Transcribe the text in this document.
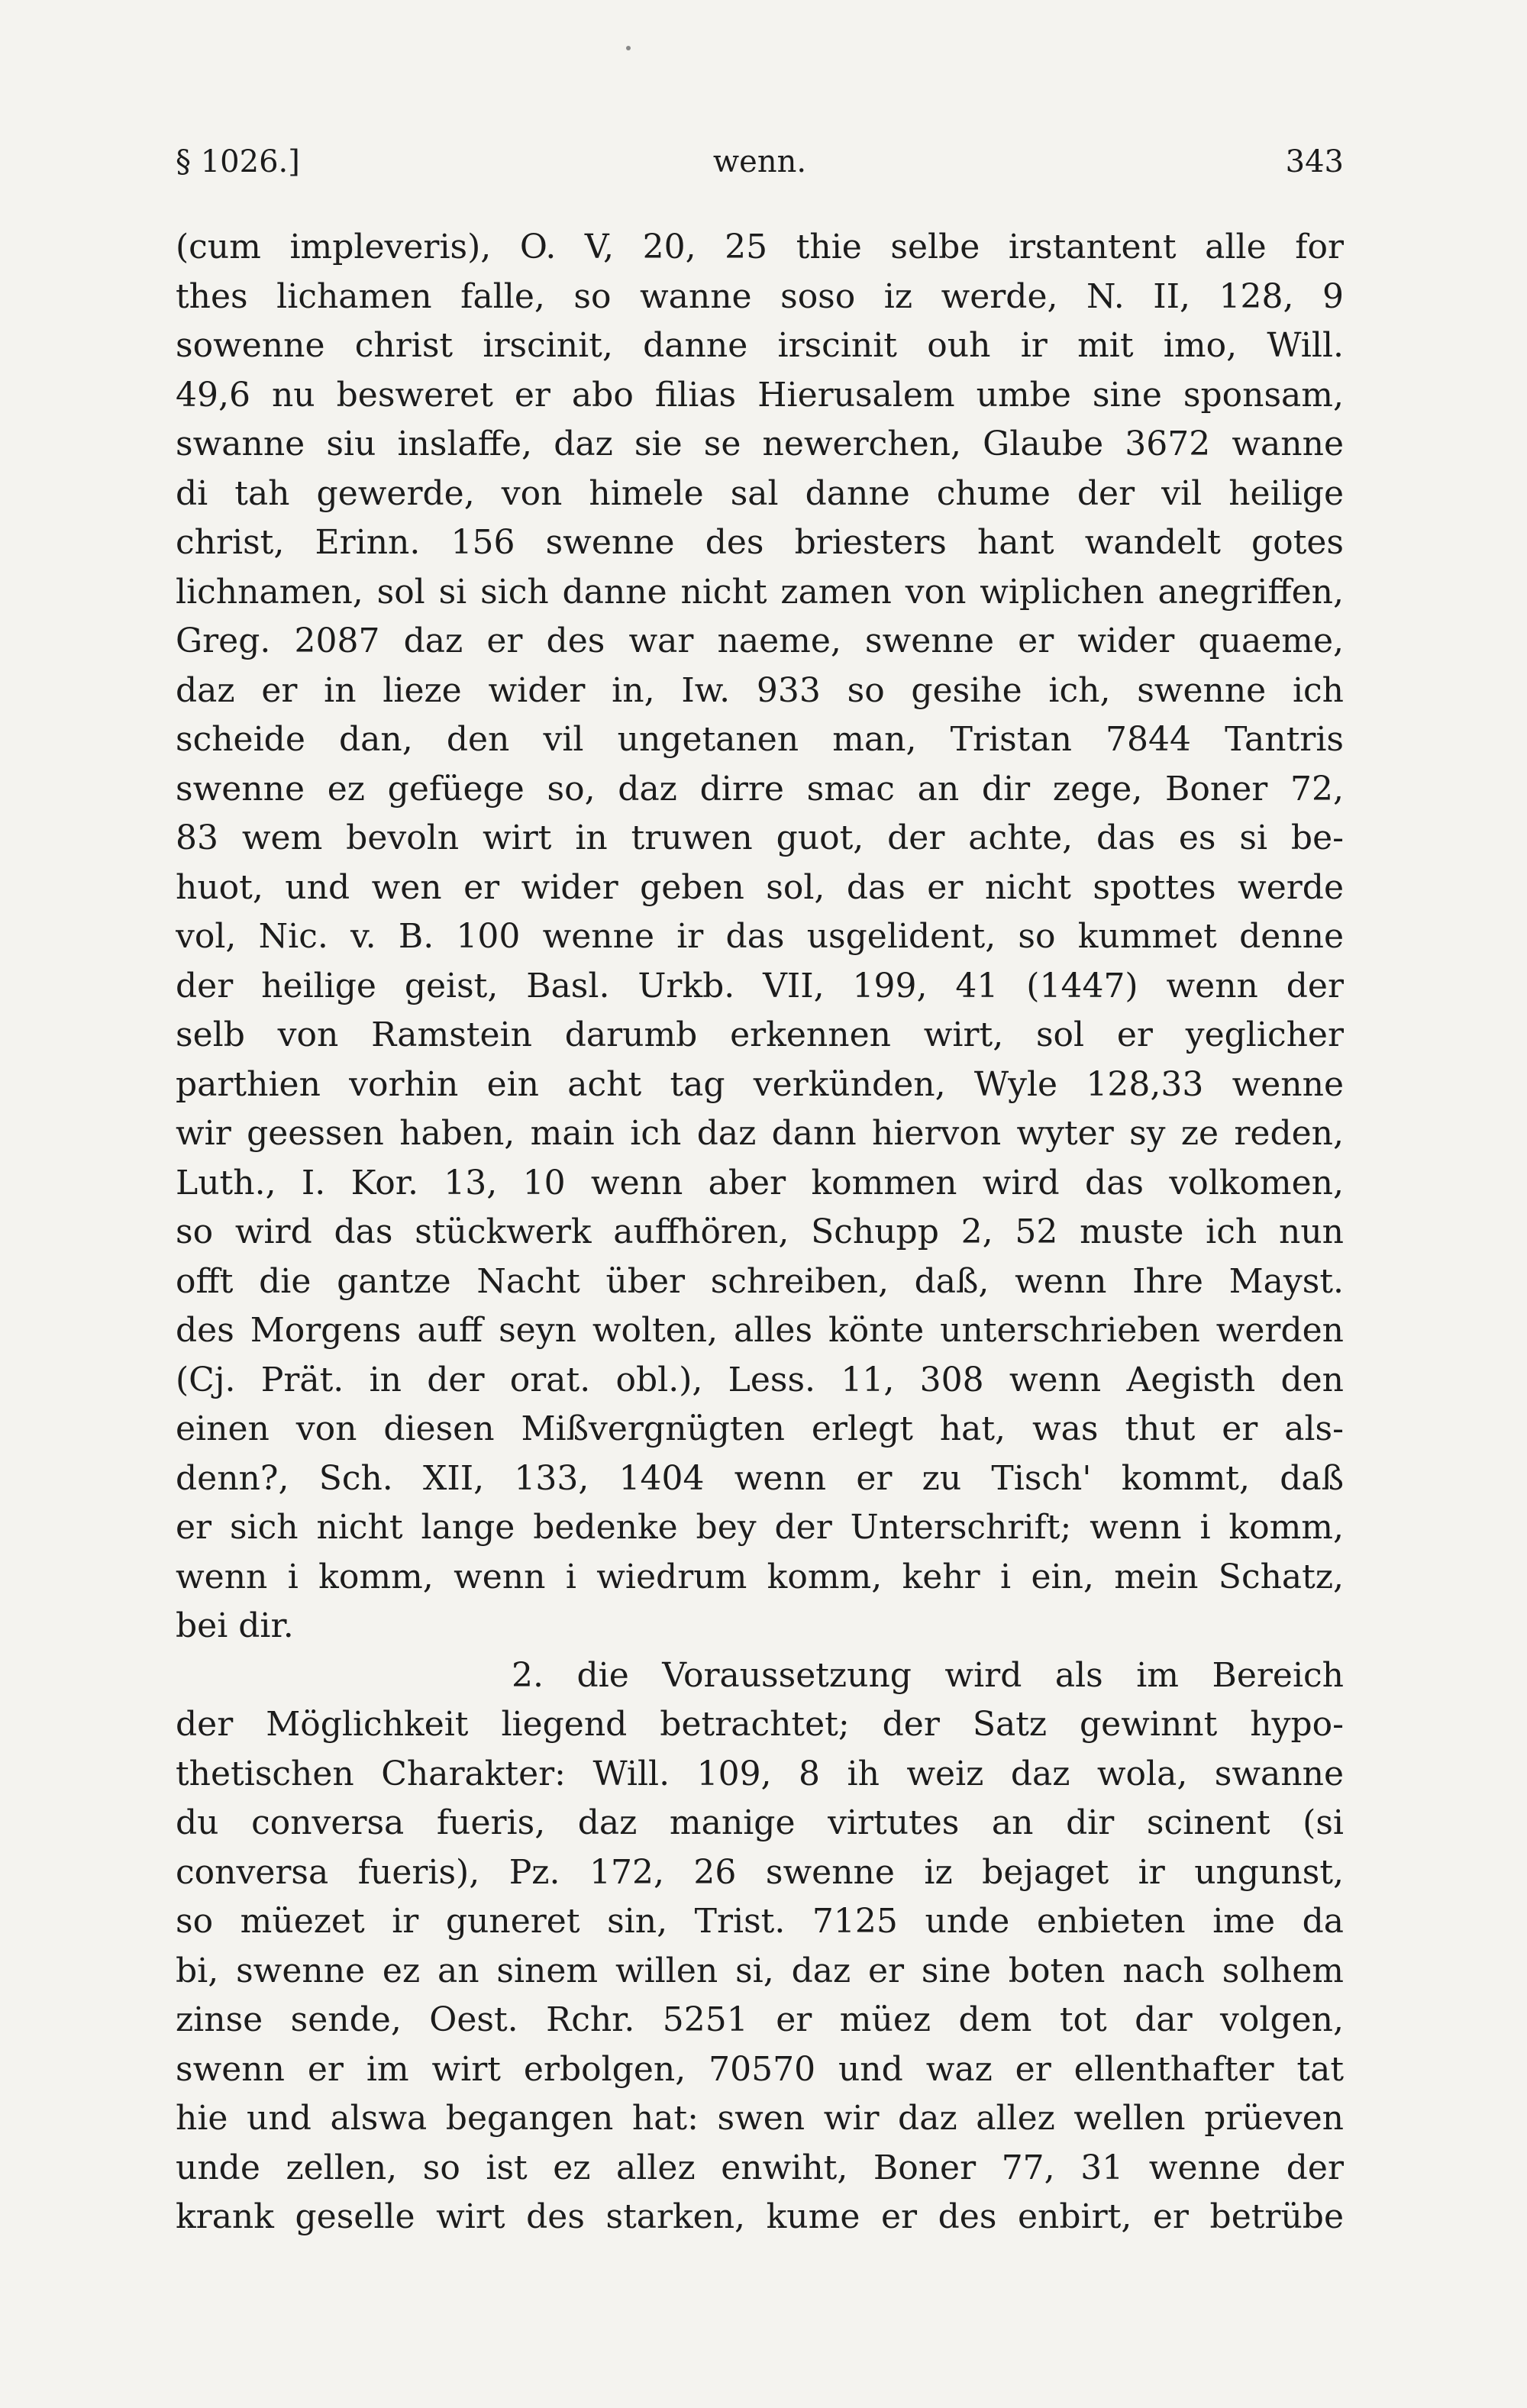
§ 1026.]	wenn.	343
(cum impleveris), O. V, 20, 25 thie selbe irstantent alle for
thes lichamen falle, so wanne soso iz werde, N. II, 128, 9
sowenne christ irscinit, danne irscinit ouh ir mit imo, Will.
49,6 nu besweret er abo filias Hierusalem umbe sine sponsam,
swanne siu inslaffe, daz sie se newerchen, Glaube 3672 wanne
di tah gewerde, von himele sal danne chume der vil heilige
christ, Erinn. 156 swenne des briesters hant wandelt gotes
lichnamen, sol si sich danne nicht zamen von wiplichen anegriffen,
Greg. 2087 daz er des war naeme, swenne er wider quaeme,
daz er in lieze wider in, Iw. 933 so gesihe ich, swenne ich
scheide dan, den vil ungetanen man, Tristan 7844 Tantris
swenne ez gefüege so, daz dirre smac an dir zege, Boner 72,
83 wem bevoln wirt in truwen guot, der achte, das es si be-
huot, und wen er wider geben sol, das er nicht spottes werde
vol, Nic. v. B. 100 wenne ir das usgelident, so kummet denne
der heilige geist, Basl. Urkb. VII, 199, 41 (1447) wenn der
selb von Ramstein darumb erkennen wirt, sol er yeglicher
parthien vorhin ein acht tag verkünden, Wyle 128,33 wenne
wir geessen haben, main ich daz dann hiervon wyter sy ze reden,
Luth., I. Kor. 13, 10 wenn aber kommen wird das volkomen,
so wird das stückwerk auffhören, Schupp 2, 52 muste ich nun
offt die gantze Nacht über schreiben, daß, wenn Ihre Mayst.
des Morgens auff seyn wolten, alles könte unterschrieben werden
(Cj. Prät. in der orat. obl.), Less. 11, 308 wenn Aegisth den
einen von diesen Mißvergnügten erlegt hat, was thut er als-
denn?, Sch. XII, 133, 1404 wenn er zu Tisch' kommt, daß
er sich nicht lange bedenke bey der Unterschrift; wenn i komm,
wenn i komm, wenn i wiedrum komm, kehr i ein, mein Schatz,
bei dir.
2. die Voraussetzung wird als im Bereich
der Möglichkeit liegend betrachtet; der Satz gewinnt hypo-
thetischen Charakter: Will. 109, 8 ih weiz daz wola, swanne
du conversa fueris, daz manige virtutes an dir scinent (si
conversa fueris), Pz. 172, 26 swenne iz bejaget ir ungunst,
so müezet ir guneret sin, Trist. 7125 unde enbieten ime da
bi, swenne ez an sinem willen si, daz er sine boten nach solhem
zinse sende, Oest. Rchr. 5251 er müez dem tot dar volgen,
swenn er im wirt erbolgen, 70570 und waz er ellenthafter tat
hie und alswa begangen hat: swen wir daz allez wellen prüeven
unde zellen, so ist ez allez enwiht, Boner 77, 31 wenne der
krank geselle wirt des starken, kume er des enbirt, er betrübe
